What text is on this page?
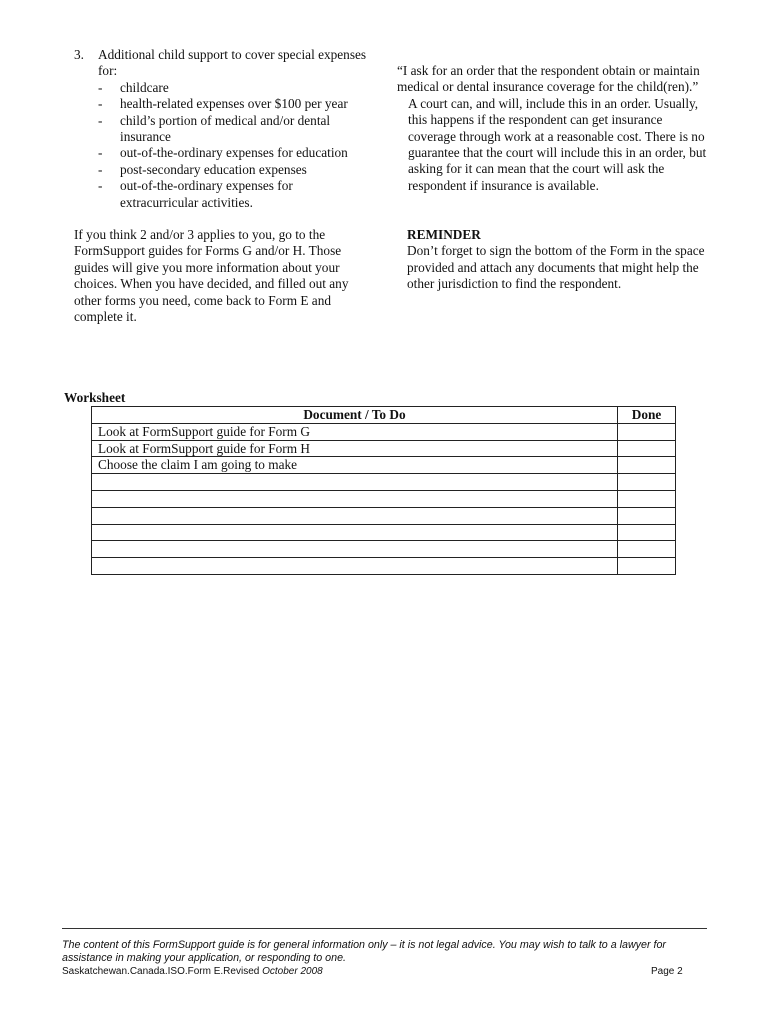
3. Additional child support to cover special expenses for:

- childcare
- health-related expenses over $100 per year
- child’s portion of medical and/or dental insurance
- out-of-the-ordinary expenses for education
- post-secondary education expenses
- out-of-the-ordinary expenses for extracurricular activities.

If you think 2 and/or 3 applies to you, go to the FormSupport guides for Forms G and/or H. Those guides will give you more information about your choices. When you have decided, and filled out any other forms you need, come back to Form E and complete it.

“I ask for an order that the respondent obtain or maintain medical or dental insurance coverage for the child(ren).”

A court can, and will, include this in an order. Usually, this happens if the respondent can get insurance coverage through work at a reasonable cost. There is no guarantee that the court will include this in an order, but asking for it can mean that the court will ask the respondent if insurance is available.

REMINDER

Don’t forget to sign the bottom of the Form in the space provided and attach any documents that might help the other jurisdiction to find the respondent.

Worksheet
Document / To Do	Done
Look at FormSupport guide for Form G	
Look at FormSupport guide for Form H	
Choose the claim I am going to make	

The content of this FormSupport guide is for general information only – it is not legal advice. You may wish to talk to a lawyer for assistance in making your application, or responding to one.
Saskatchewan.Canada.ISO.Form E.Revised October 2008	Page 2
